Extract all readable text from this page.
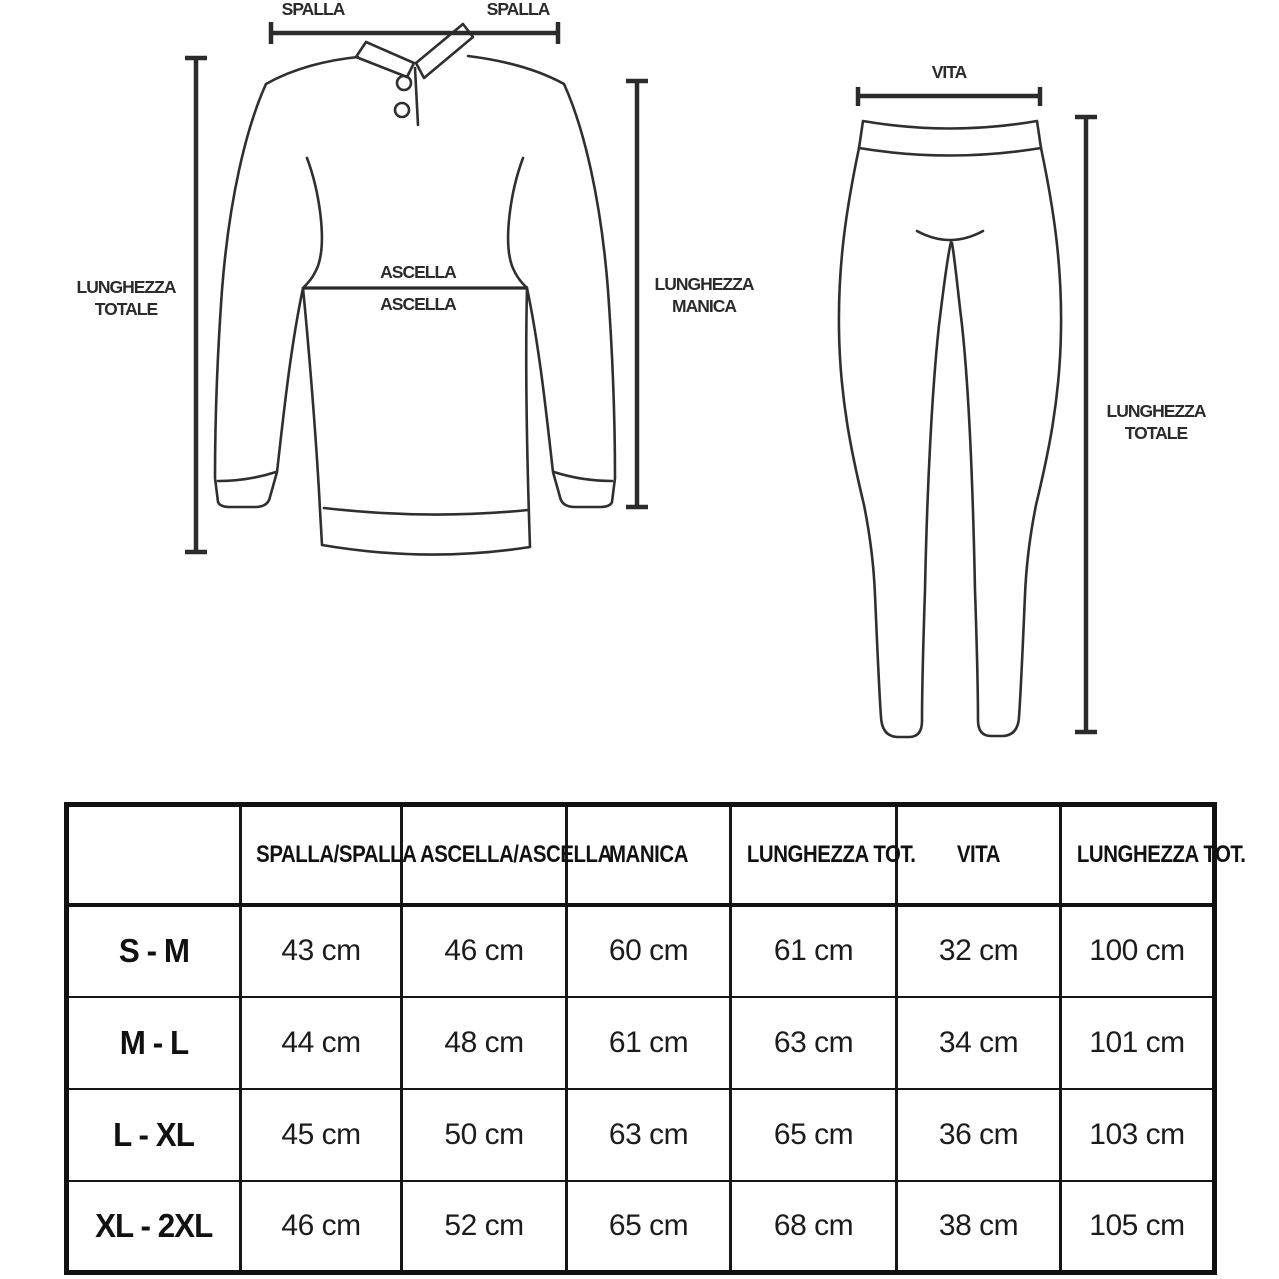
SPALLA	SPALLA
LUNGHEZZA
TOTALE
ASCELLA
ASCELLA
LUNGHEZZA
MANICA
VITA
LUNGHEZZA
TOTALE
GIVOVA
TUTA DONNA	SPALLA/SPALLA	ASCELLA/ASCELLA	MANICA	LUNGHEZZA TOT.	VITA	LUNGHEZZA TOT.
S - M	43 cm	46 cm	60 cm	61 cm	32 cm	100 cm
M - L	44 cm	48 cm	61 cm	63 cm	34 cm	101 cm
L - XL	45 cm	50 cm	63 cm	65 cm	36 cm	103 cm
XL - 2XL	46 cm	52 cm	65 cm	68 cm	38 cm	105 cm
